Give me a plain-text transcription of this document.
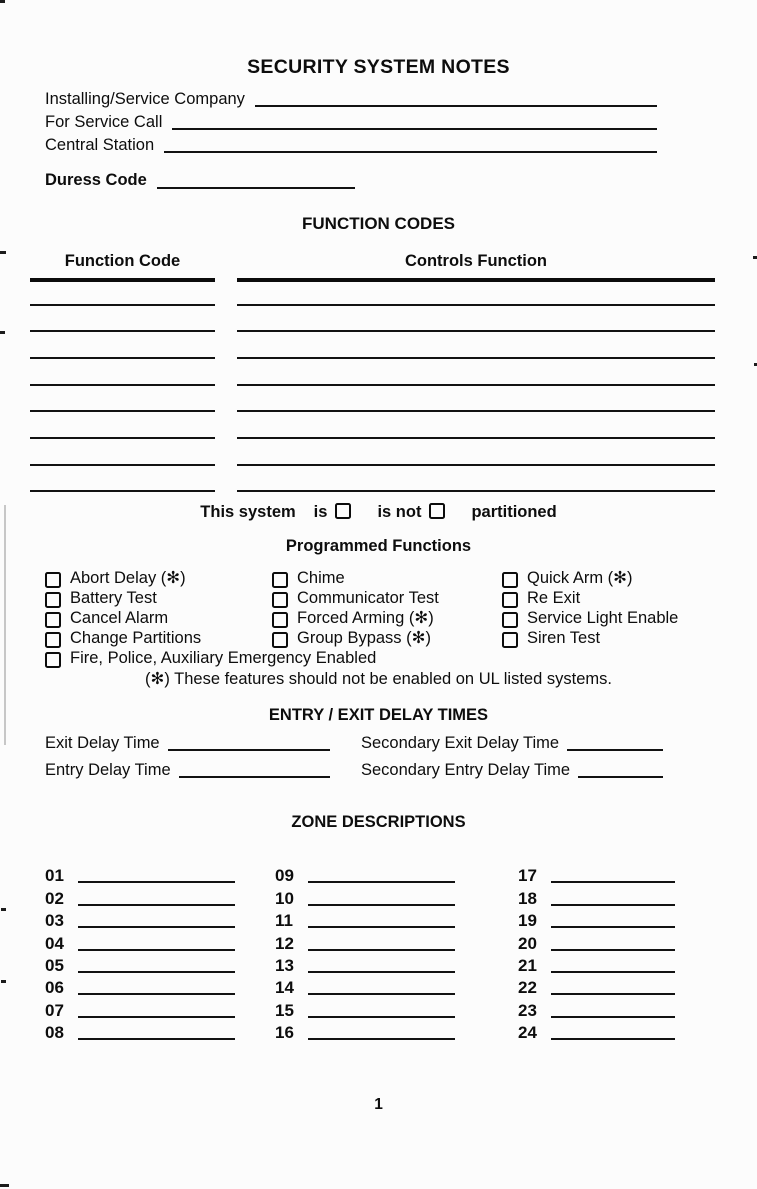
SECURITY SYSTEM NOTES
Installing/Service Company
For Service Call
Central Station
Duress Code
FUNCTION CODES
Function Code	Controls Function
This system is	is not	partitioned
Programmed Functions
Abort Delay (✻)
Battery Test
Cancel Alarm
Change Partitions
Chime
Communicator Test
Forced Arming (✻)
Group Bypass (✻)
Quick Arm (✻)
Re Exit
Service Light Enable
Siren Test
Fire, Police, Auxiliary Emergency Enabled
(✻) These features should not be enabled on UL listed systems.
ENTRY / EXIT DELAY TIMES
Exit Delay Time	Secondary Exit Delay Time
Entry Delay Time	Secondary Entry Delay Time
ZONE DESCRIPTIONS
01
02
03
04
05
06
07
08
09
10
11
12
13
14
15
16
17
18
19
20
21
22
23
24
1
